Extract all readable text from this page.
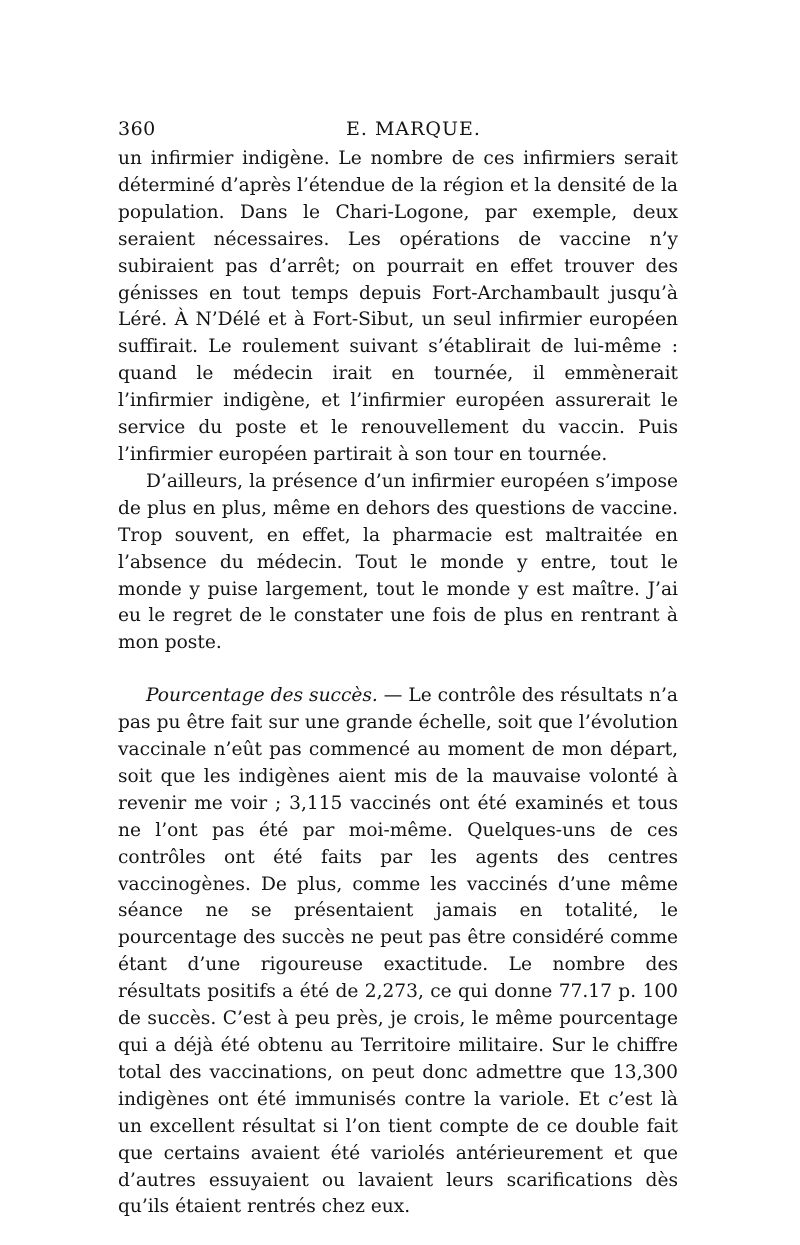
360	E. MARQUE.

un infirmier indigène. Le nombre de ces infirmiers serait déterminé d’après l’étendue de la région et la densité de la population. Dans le Chari-Logone, par exemple, deux seraient nécessaires. Les opérations de vaccine n’y subiraient pas d’arrêt; on pourrait en effet trouver des génisses en tout temps depuis Fort-Archambault jusqu’à Léré. À N’Délé et à Fort-Sibut, un seul infirmier européen suffirait. Le roulement suivant s’établirait de lui-même : quand le médecin irait en tournée, il emmènerait l’infirmier indigène, et l’infirmier européen assurerait le service du poste et le renouvellement du vaccin. Puis l’infirmier européen partirait à son tour en tournée.

D’ailleurs, la présence d’un infirmier européen s’impose de plus en plus, même en dehors des questions de vaccine. Trop souvent, en effet, la pharmacie est maltraitée en l’absence du médecin. Tout le monde y entre, tout le monde y puise largement, tout le monde y est maître. J’ai eu le regret de le constater une fois de plus en rentrant à mon poste.

Pourcentage des succès. — Le contrôle des résultats n’a pas pu être fait sur une grande échelle, soit que l’évolution vaccinale n’eût pas commencé au moment de mon départ, soit que les indigènes aient mis de la mauvaise volonté à revenir me voir ; 3,115 vaccinés ont été examinés et tous ne l’ont pas été par moi-même. Quelques-uns de ces contrôles ont été faits par les agents des centres vaccinogènes. De plus, comme les vaccinés d’une même séance ne se présentaient jamais en totalité, le pourcentage des succès ne peut pas être considéré comme étant d’une rigoureuse exactitude. Le nombre des résultats positifs a été de 2,273, ce qui donne 77.17 p. 100 de succès. C’est à peu près, je crois, le même pourcentage qui a déjà été obtenu au Territoire militaire. Sur le chiffre total des vaccinations, on peut donc admettre que 13,300 indigènes ont été immunisés contre la variole. Et c’est là un excellent résultat si l’on tient compte de ce double fait que certains avaient été variolés antérieurement et que d’autres essuyaient ou lavaient leurs scarifications dès qu’ils étaient rentrés chez eux.
